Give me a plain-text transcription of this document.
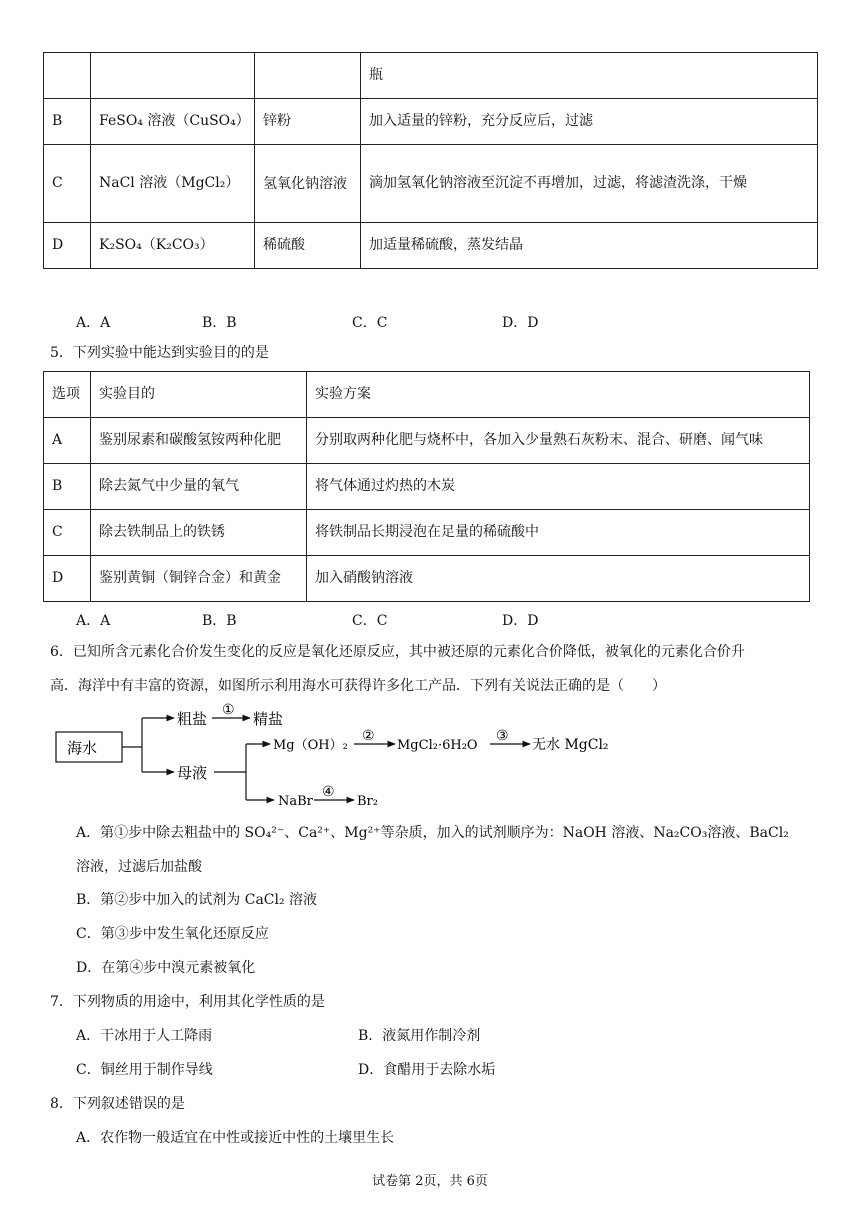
			瓶
B	FeSO₄ 溶液（CuSO₄）	锌粉	加入适量的锌粉，充分反应后，过滤
C	NaCl 溶液（MgCl₂）	氢氧化钠溶液	滴加氢氧化钠溶液至沉淀不再增加，过滤，将滤渣洗涤，干燥
D	K₂SO₄（K₂CO₃）	稀硫酸	加适量稀硫酸，蒸发结晶
A．A	B．B	C．C	D．D
5．下列实验中能达到实验目的的是
选项	实验目的	实验方案
A	鉴别尿素和碳酸氢铵两种化肥	分别取两种化肥与烧杯中，各加入少量熟石灰粉末、混合、研磨、闻气味
B	除去氮气中少量的氧气	将气体通过灼热的木炭
C	除去铁制品上的铁锈	将铁制品长期浸泡在足量的稀硫酸中
D	鉴别黄铜（铜锌合金）和黄金	加入硝酸钠溶液
A．A	B．B	C．C	D．D
6．已知所含元素化合价发生变化的反应是氧化还原反应，其中被还原的元素化合价降低，被氧化的元素化合价升
高．海洋中有丰富的资源，如图所示利用海水可获得许多化工产品．下列有关说法正确的是（　　）
海水
粗盐 ① 精盐
母液
Mg（OH）₂
②
MgCl₂·6H₂O
③
无水 MgCl₂
NaBr
④
Br₂
A．第①步中除去粗盐中的 SO₄²⁻、Ca²⁺、Mg²⁺等杂质，加入的试剂顺序为：NaOH 溶液、Na₂CO₃溶液、BaCl₂
溶液，过滤后加盐酸
B．第②步中加入的试剂为 CaCl₂ 溶液
C．第③步中发生氧化还原反应
D．在第④步中溴元素被氧化
7．下列物质的用途中，利用其化学性质的是
A．干冰用于人工降雨	B．液氮用作制冷剂
C．铜丝用于制作导线	D．食醋用于去除水垢
8．下列叙述错误的是
A．农作物一般适宜在中性或接近中性的土壤里生长
试卷第 2页，共 6页
